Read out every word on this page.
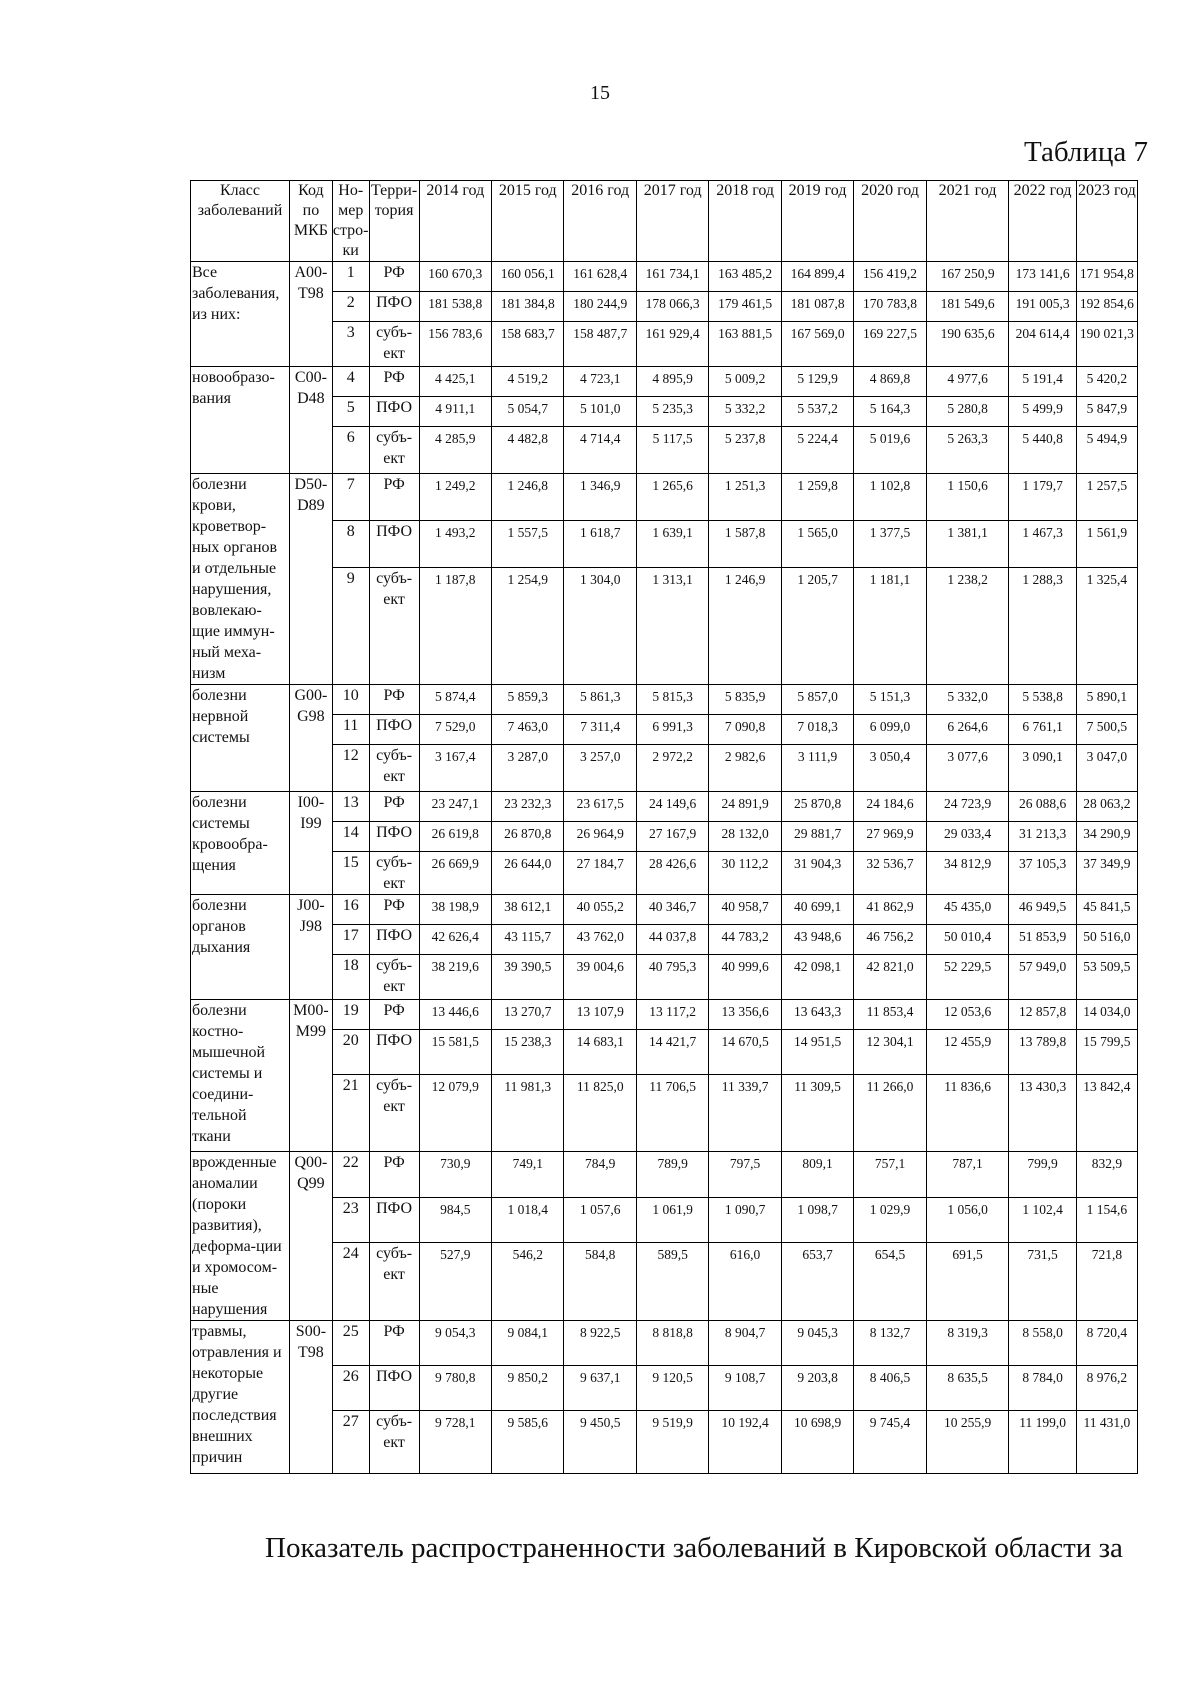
15
Таблица 7
Класс заболеваний	Код по МКБ	Но-мер стро-ки	Терри-тория	2014 год	2015 год	2016 год	2017 год	2018 год	2019 год	2020 год	2021 год	2022 год	2023 год
Все заболевания, из них:	A00-T98	1	РФ	160 670,3	160 056,1	161 628,4	161 734,1	163 485,2	164 899,4	156 419,2	167 250,9	173 141,6	171 954,8
		2	ПФО	181 538,8	181 384,8	180 244,9	178 066,3	179 461,5	181 087,8	170 783,8	181 549,6	191 005,3	192 854,6
		3	субъ-ект	156 783,6	158 683,7	158 487,7	161 929,4	163 881,5	167 569,0	169 227,5	190 635,6	204 614,4	190 021,3
новообразо-вания	C00-D48	4	РФ	4 425,1	4 519,2	4 723,1	4 895,9	5 009,2	5 129,9	4 869,8	4 977,6	5 191,4	5 420,2
		5	ПФО	4 911,1	5 054,7	5 101,0	5 235,3	5 332,2	5 537,2	5 164,3	5 280,8	5 499,9	5 847,9
		6	субъ-ект	4 285,9	4 482,8	4 714,4	5 117,5	5 237,8	5 224,4	5 019,6	5 263,3	5 440,8	5 494,9
болезни крови, кроветвор-ных органов и отдельные нарушения, вовлекаю-щие иммун-ный меха-низм	D50-D89	7	РФ	1 249,2	1 246,8	1 346,9	1 265,6	1 251,3	1 259,8	1 102,8	1 150,6	1 179,7	1 257,5
		8	ПФО	1 493,2	1 557,5	1 618,7	1 639,1	1 587,8	1 565,0	1 377,5	1 381,1	1 467,3	1 561,9
		9	субъ-ект	1 187,8	1 254,9	1 304,0	1 313,1	1 246,9	1 205,7	1 181,1	1 238,2	1 288,3	1 325,4
болезни нервной системы	G00-G98	10	РФ	5 874,4	5 859,3	5 861,3	5 815,3	5 835,9	5 857,0	5 151,3	5 332,0	5 538,8	5 890,1
		11	ПФО	7 529,0	7 463,0	7 311,4	6 991,3	7 090,8	7 018,3	6 099,0	6 264,6	6 761,1	7 500,5
		12	субъ-ект	3 167,4	3 287,0	3 257,0	2 972,2	2 982,6	3 111,9	3 050,4	3 077,6	3 090,1	3 047,0
болезни системы кровообра-щения	I00-I99	13	РФ	23 247,1	23 232,3	23 617,5	24 149,6	24 891,9	25 870,8	24 184,6	24 723,9	26 088,6	28 063,2
		14	ПФО	26 619,8	26 870,8	26 964,9	27 167,9	28 132,0	29 881,7	27 969,9	29 033,4	31 213,3	34 290,9
		15	субъ-ект	26 669,9	26 644,0	27 184,7	28 426,6	30 112,2	31 904,3	32 536,7	34 812,9	37 105,3	37 349,9
болезни органов дыхания	J00-J98	16	РФ	38 198,9	38 612,1	40 055,2	40 346,7	40 958,7	40 699,1	41 862,9	45 435,0	46 949,5	45 841,5
		17	ПФО	42 626,4	43 115,7	43 762,0	44 037,8	44 783,2	43 948,6	46 756,2	50 010,4	51 853,9	50 516,0
		18	субъ-ект	38 219,6	39 390,5	39 004,6	40 795,3	40 999,6	42 098,1	42 821,0	52 229,5	57 949,0	53 509,5
болезни костно-мышечной системы и соедини-тельной ткани	M00-M99	19	РФ	13 446,6	13 270,7	13 107,9	13 117,2	13 356,6	13 643,3	11 853,4	12 053,6	12 857,8	14 034,0
		20	ПФО	15 581,5	15 238,3	14 683,1	14 421,7	14 670,5	14 951,5	12 304,1	12 455,9	13 789,8	15 799,5
		21	субъ-ект	12 079,9	11 981,3	11 825,0	11 706,5	11 339,7	11 309,5	11 266,0	11 836,6	13 430,3	13 842,4
врожденные аномалии (пороки развития), деформа-ции и хромосом-ные нарушения	Q00-Q99	22	РФ	730,9	749,1	784,9	789,9	797,5	809,1	757,1	787,1	799,9	832,9
		23	ПФО	984,5	1 018,4	1 057,6	1 061,9	1 090,7	1 098,7	1 029,9	1 056,0	1 102,4	1 154,6
		24	субъ-ект	527,9	546,2	584,8	589,5	616,0	653,7	654,5	691,5	731,5	721,8
травмы, отравления и некоторые другие последствия внешних причин	S00-T98	25	РФ	9 054,3	9 084,1	8 922,5	8 818,8	8 904,7	9 045,3	8 132,7	8 319,3	8 558,0	8 720,4
		26	ПФО	9 780,8	9 850,2	9 637,1	9 120,5	9 108,7	9 203,8	8 406,5	8 635,5	8 784,0	8 976,2
		27	субъ-ект	9 728,1	9 585,6	9 450,5	9 519,9	10 192,4	10 698,9	9 745,4	10 255,9	11 199,0	11 431,0
Показатель распространенности заболеваний в Кировской области за
